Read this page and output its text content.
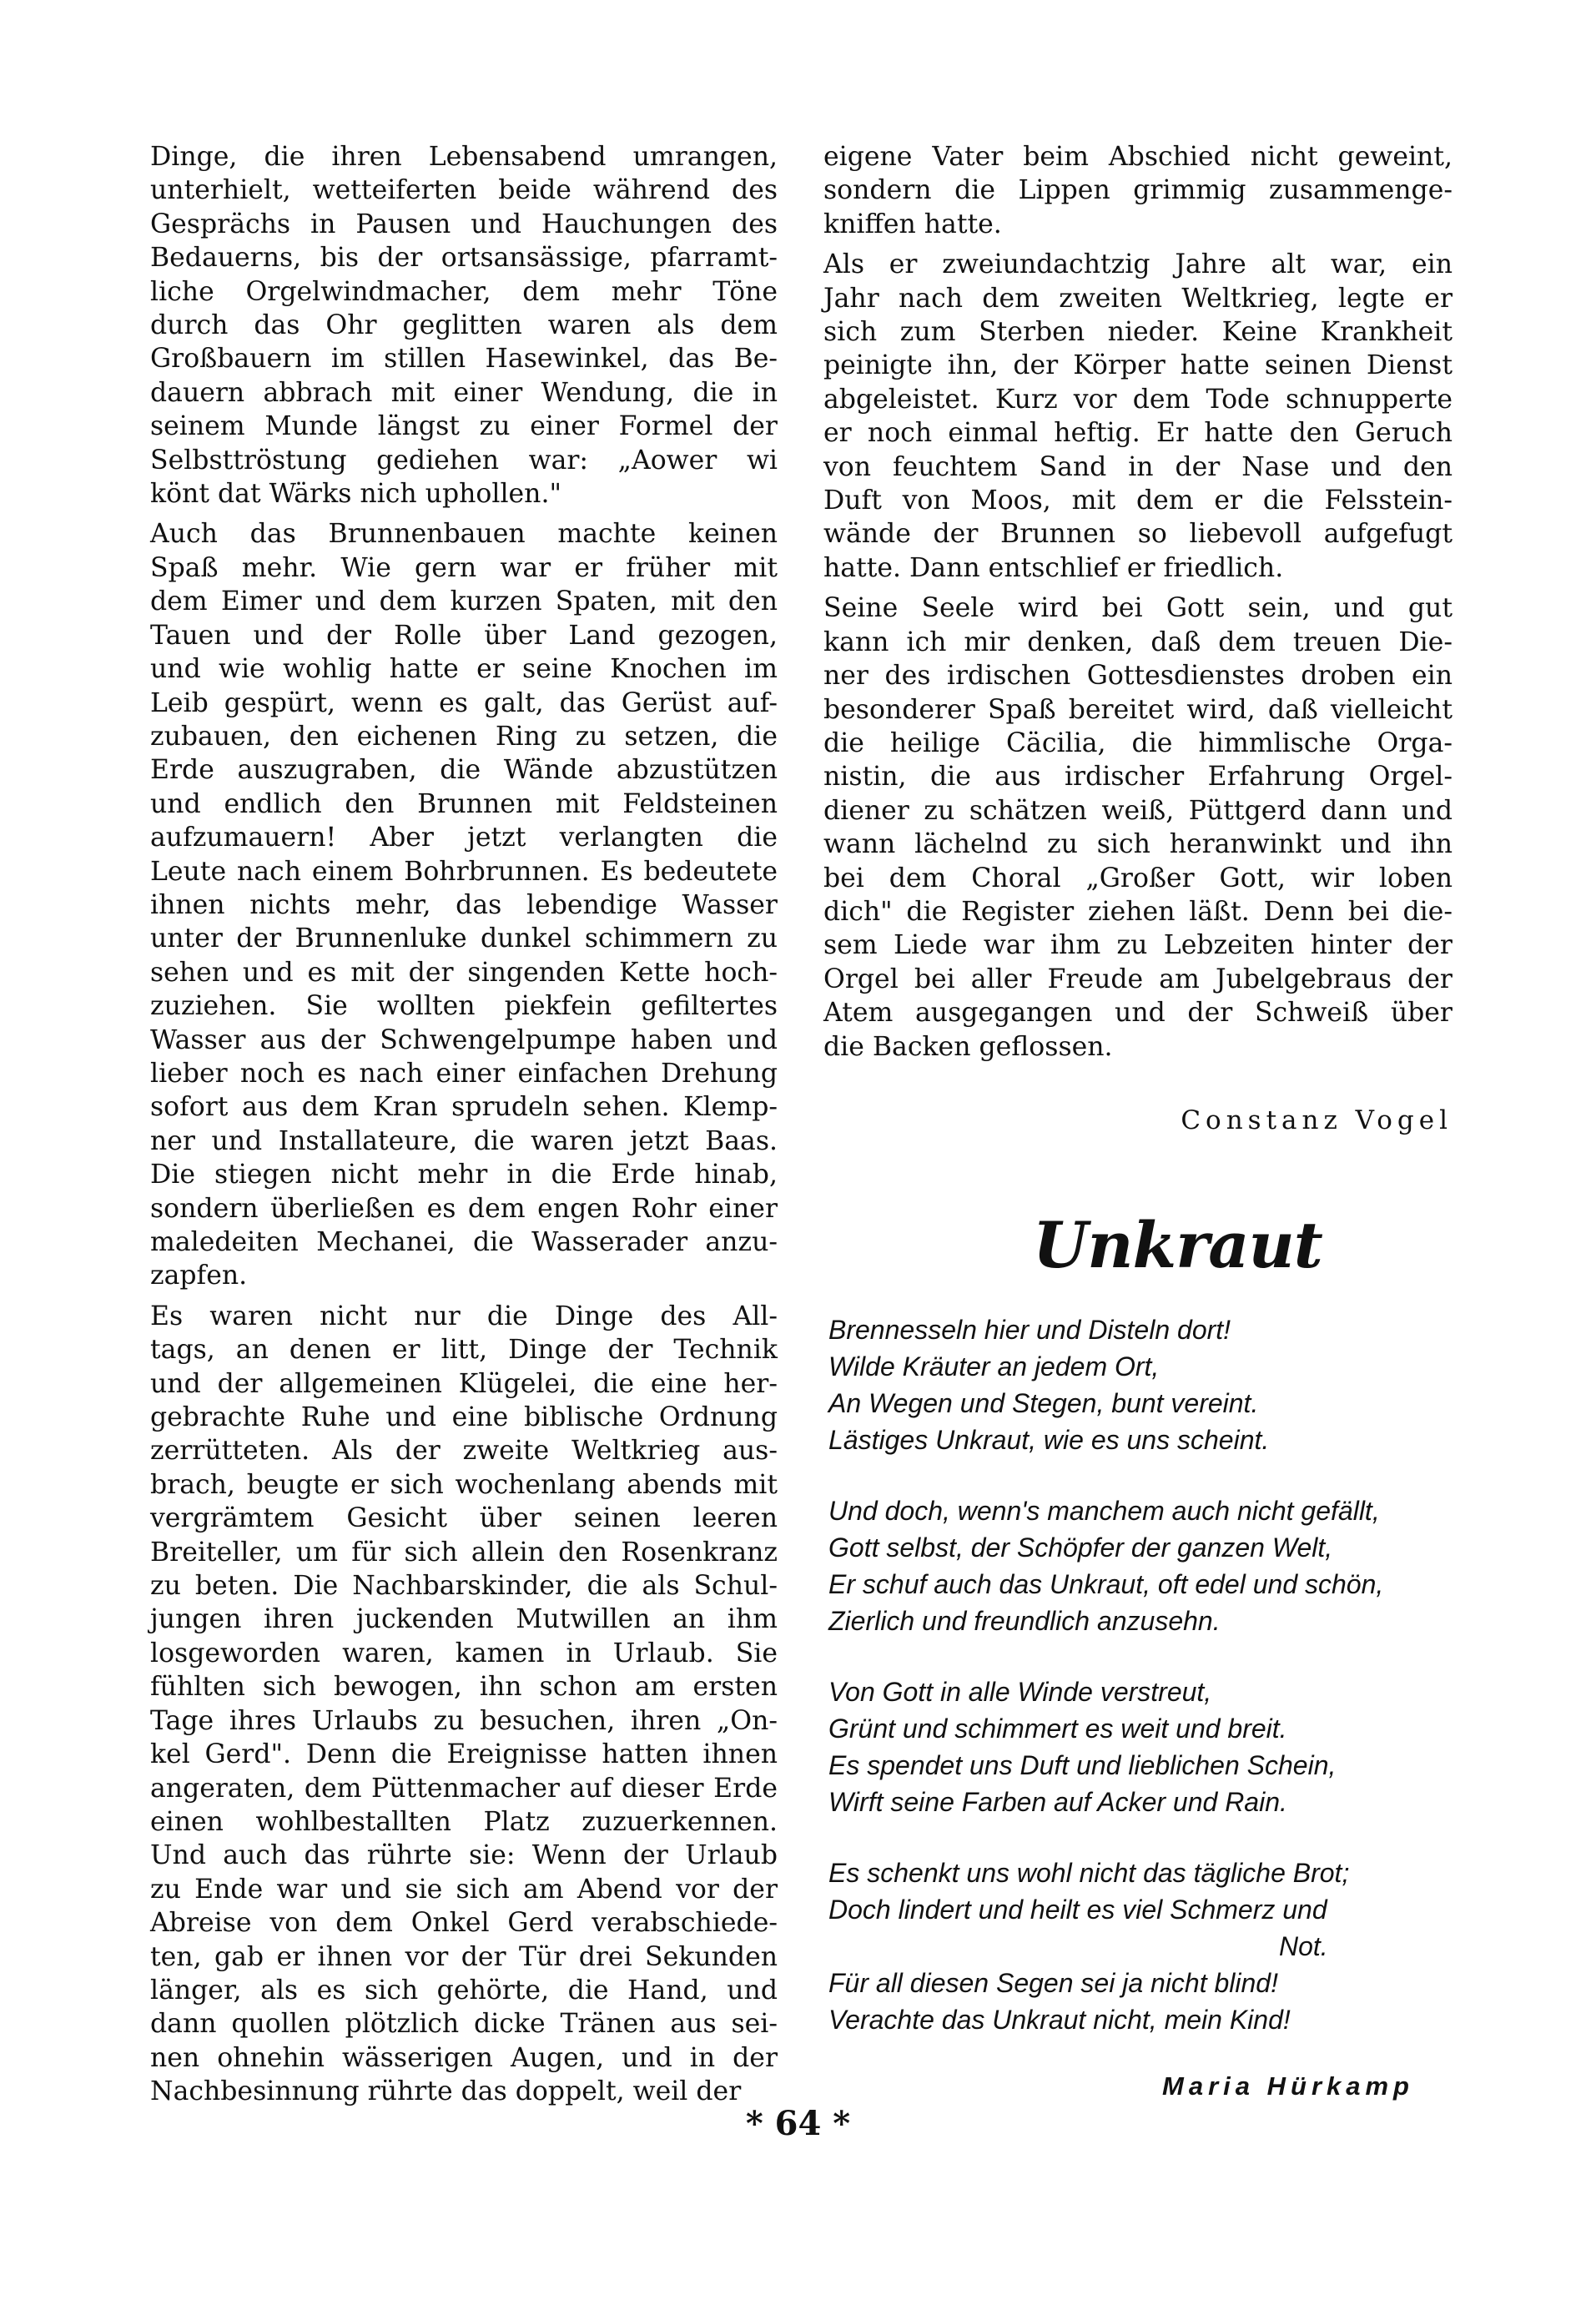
Dinge, die ihren Lebensabend umrangen,

unterhielt, wetteiferten beide während des

Gesprächs in Pausen und Hauchungen des

Bedauerns, bis der ortsansässige, pfarramt-

liche Orgelwindmacher, dem mehr Töne

durch das Ohr geglitten waren als dem

Großbauern im stillen Hasewinkel, das Be-

dauern abbrach mit einer Wendung, die in

seinem Munde längst zu einer Formel der

Selbsttröstung gediehen war: „Aower wi

könt dat Wärks nich uphollen."

Auch das Brunnenbauen machte keinen

Spaß mehr. Wie gern war er früher mit

dem Eimer und dem kurzen Spaten, mit den

Tauen und der Rolle über Land gezogen,

und wie wohlig hatte er seine Knochen im

Leib gespürt, wenn es galt, das Gerüst auf-

zubauen, den eichenen Ring zu setzen, die

Erde auszugraben, die Wände abzustützen

und endlich den Brunnen mit Feldsteinen

aufzumauern! Aber jetzt verlangten die

Leute nach einem Bohrbrunnen. Es bedeutete

ihnen nichts mehr, das lebendige Wasser

unter der Brunnenluke dunkel schimmern zu

sehen und es mit der singenden Kette hoch-

zuziehen. Sie wollten piekfein gefiltertes

Wasser aus der Schwengelpumpe haben und

lieber noch es nach einer einfachen Drehung

sofort aus dem Kran sprudeln sehen. Klemp-

ner und Installateure, die waren jetzt Baas.

Die stiegen nicht mehr in die Erde hinab,

sondern überließen es dem engen Rohr einer

maledeiten Mechanei, die Wasserader anzu-

zapfen.

Es waren nicht nur die Dinge des All-

tags, an denen er litt, Dinge der Technik

und der allgemeinen Klügelei, die eine her-

gebrachte Ruhe und eine biblische Ordnung

zerrütteten. Als der zweite Weltkrieg aus-

brach, beugte er sich wochenlang abends mit

vergrämtem Gesicht über seinen leeren

Breiteller, um für sich allein den Rosenkranz

zu beten. Die Nachbarskinder, die als Schul-

jungen ihren juckenden Mutwillen an ihm

losgeworden waren, kamen in Urlaub. Sie

fühlten sich bewogen, ihn schon am ersten

Tage ihres Urlaubs zu besuchen, ihren „On-

kel Gerd". Denn die Ereignisse hatten ihnen

angeraten, dem Püttenmacher auf dieser Erde

einen wohlbestallten Platz zuzuerkennen.

Und auch das rührte sie: Wenn der Urlaub

zu Ende war und sie sich am Abend vor der

Abreise von dem Onkel Gerd verabschiede-

ten, gab er ihnen vor der Tür drei Sekunden

länger, als es sich gehörte, die Hand, und

dann quollen plötzlich dicke Tränen aus sei-

nen ohnehin wässerigen Augen, und in der

Nachbesinnung rührte das doppelt, weil der

eigene Vater beim Abschied nicht geweint,

sondern die Lippen grimmig zusammenge-

kniffen hatte.

Als er zweiundachtzig Jahre alt war, ein

Jahr nach dem zweiten Weltkrieg, legte er

sich zum Sterben nieder. Keine Krankheit

peinigte ihn, der Körper hatte seinen Dienst

abgeleistet. Kurz vor dem Tode schnupperte

er noch einmal heftig. Er hatte den Geruch

von feuchtem Sand in der Nase und den

Duft von Moos, mit dem er die Felsstein-

wände der Brunnen so liebevoll aufgefugt

hatte. Dann entschlief er friedlich.

Seine Seele wird bei Gott sein, und gut

kann ich mir denken, daß dem treuen Die-

ner des irdischen Gottesdienstes droben ein

besonderer Spaß bereitet wird, daß vielleicht

die heilige Cäcilia, die himmlische Orga-

nistin, die aus irdischer Erfahrung Orgel-

diener zu schätzen weiß, Püttgerd dann und

wann lächelnd zu sich heranwinkt und ihn

bei dem Choral „Großer Gott, wir loben

dich" die Register ziehen läßt. Denn bei die-

sem Liede war ihm zu Lebzeiten hinter der

Orgel bei aller Freude am Jubelgebraus der

Atem ausgegangen und der Schweiß über

die Backen geflossen.

Constanz Vogel
Unkraut
Brennesseln hier und Disteln dort!
Wilde Kräuter an jedem Ort,
An Wegen und Stegen, bunt vereint.
Lästiges Unkraut, wie es uns scheint.
Und doch, wenn's manchem auch nicht gefällt,
Gott selbst, der Schöpfer der ganzen Welt,
Er schuf auch das Unkraut, oft edel und schön,
Zierlich und freundlich anzusehn.
Von Gott in alle Winde verstreut,
Grünt und schimmert es weit und breit.
Es spendet uns Duft und lieblichen Schein,
Wirft seine Farben auf Acker und Rain.
Es schenkt uns wohl nicht das tägliche Brot;
Doch lindert und heilt es viel Schmerz und
Not.
Für all diesen Segen sei ja nicht blind!
Verachte das Unkraut nicht, mein Kind!
Maria Hürkamp
* 64 *
